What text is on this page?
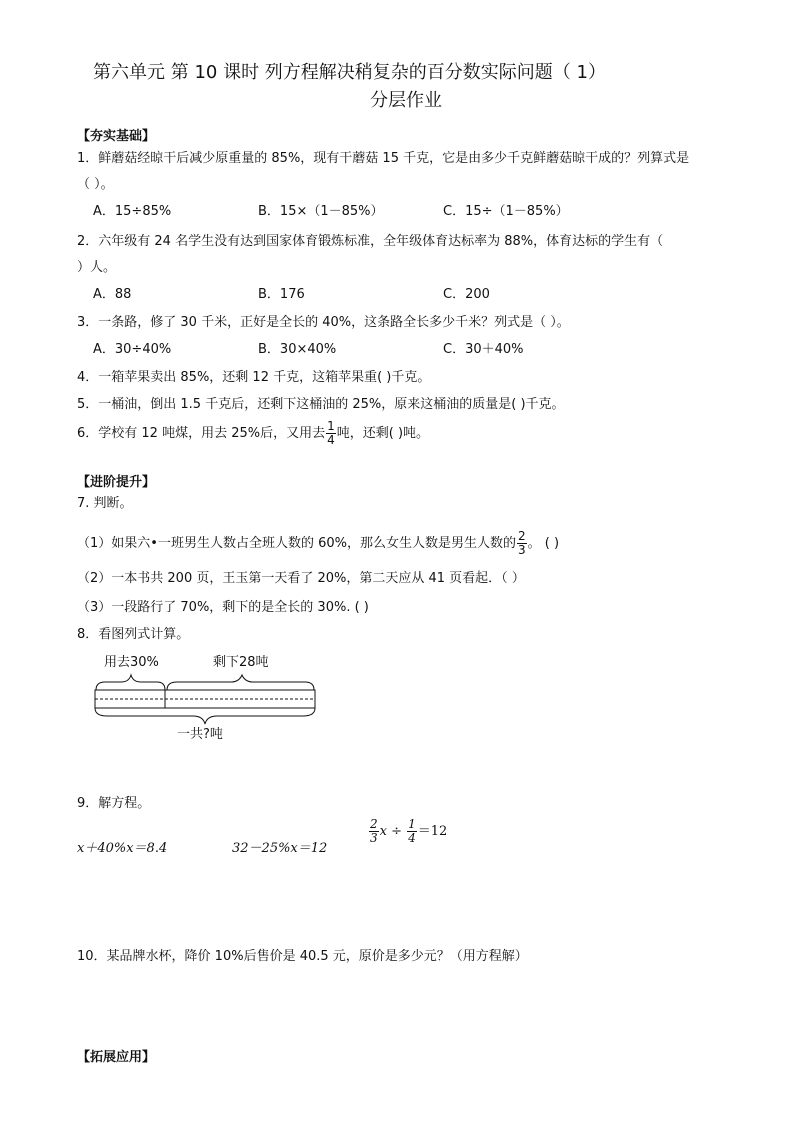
第六单元 第 10 课时 列方程解决稍复杂的百分数实际问题（ 1）
分层作业
【夯实基础】
1．鲜蘑菇经晾干后减少原重量的 85%，现有干蘑菇 15 千克，它是由多少千克鲜蘑菇晾干成的？列算式是
（ ）。
A．15÷85%	B．15×（1－85%）	C．15÷（1－85%）
2．六年级有 24 名学生没有达到国家体育锻炼标准，全年级体育达标率为 88%，体育达标的学生有（
）人。
A．88	B．176	C．200
3．一条路，修了 30 千米，正好是全长的 40%，这条路全长多少千米？列式是（ ）。
A．30÷40%	B．30×40%	C．30＋40%
4．一箱苹果卖出 85%，还剩 12 千克，这箱苹果重( )千克。
5．一桶油，倒出 1.5 千克后，还剩下这桶油的 25%，原来这桶油的质量是( )千克。
6．学校有 12 吨煤，用去 25%后，又用去 $\frac{1}{4}$ 吨，还剩( )吨。
【进阶提升】
7. 判断。
（1）如果六•一班男生人数占全班人数的 60%，那么女生人数是男生人数的 $\frac{2}{3}$ 。 ( )
（2）一本书共 200 页，王玉第一天看了 20%，第二天应从 41 页看起．（ ）
（3）一段路行了 70%，剩下的是全长的 30%. ( )
8．看图列式计算。
用去30%	剩下28吨
一共?吨
9．解方程。
x＋40%x＝8.4	32－25%x＝12
$\frac{2}{3}$ $x \div \frac{1}{4} =12$
10．某品牌水杯，降价 10%后售价是 40.5 元，原价是多少元？（用方程解）
【拓展应用】
